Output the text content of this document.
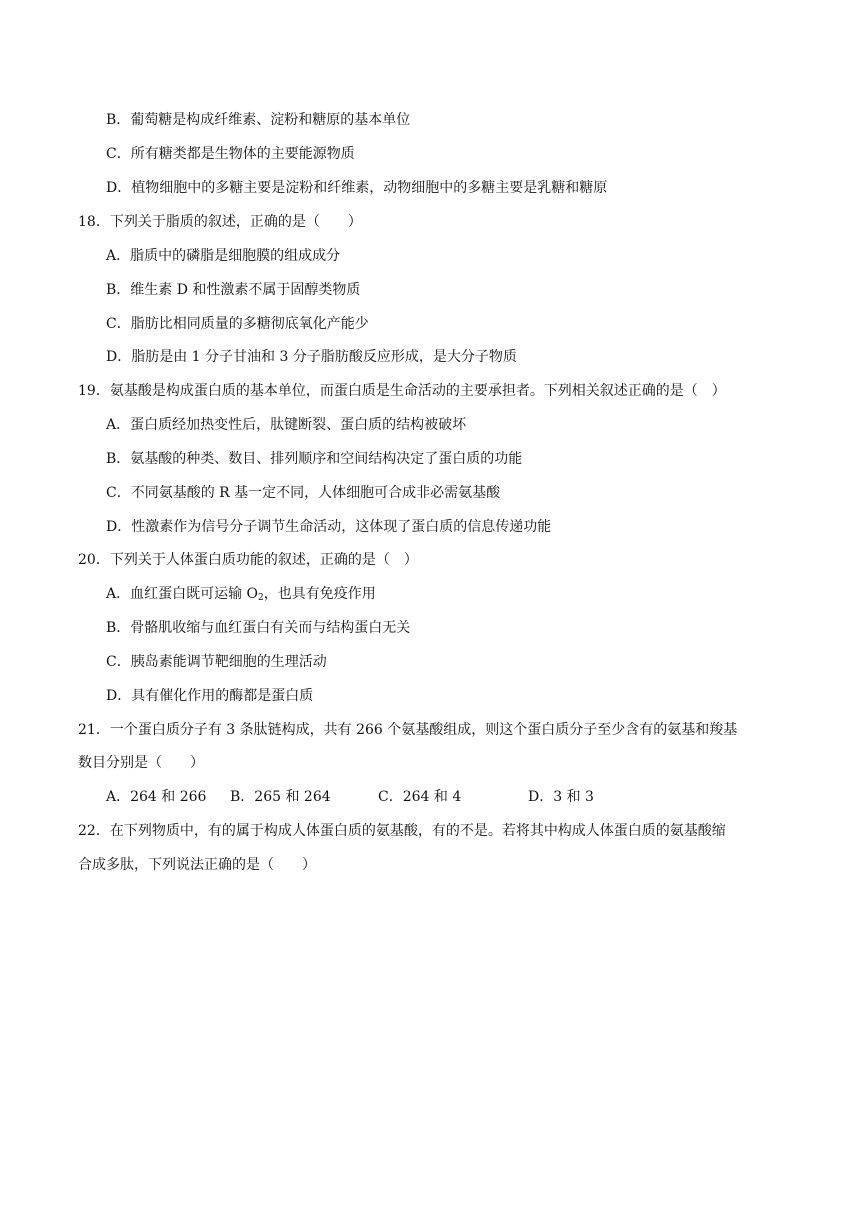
B．葡萄糖是构成纤维素、淀粉和糖原的基本单位
C．所有糖类都是生物体的主要能源物质
D．植物细胞中的多糖主要是淀粉和纤维素，动物细胞中的多糖主要是乳糖和糖原
18．下列关于脂质的叙述，正确的是（　　）
A．脂质中的磷脂是细胞膜的组成成分
B．维生素 D 和性激素不属于固醇类物质
C．脂肪比相同质量的多糖彻底氧化产能少
D．脂肪是由 1 分子甘油和 3 分子脂肪酸反应形成，是大分子物质
19．氨基酸是构成蛋白质的基本单位，而蛋白质是生命活动的主要承担者。下列相关叙述正确的是（　）
A．蛋白质经加热变性后，肽键断裂、蛋白质的结构被破坏
B．氨基酸的种类、数目、排列顺序和空间结构决定了蛋白质的功能
C．不同氨基酸的 R 基一定不同，人体细胞可合成非必需氨基酸
D．性激素作为信号分子调节生命活动，这体现了蛋白质的信息传递功能
20．下列关于人体蛋白质功能的叙述，正确的是（　）
A．血红蛋白既可运输 $O_2$，也具有免疫作用
B．骨骼肌收缩与血红蛋白有关而与结构蛋白无关
C．胰岛素能调节靶细胞的生理活动
D．具有催化作用的酶都是蛋白质
21．一个蛋白质分子有 3 条肽链构成，共有 266 个氨基酸组成，则这个蛋白质分子至少含有的氨基和羧基
数目分别是（　　）
A．264 和 266 B．265 和 264	C．264 和 4	D．3 和 3
22．在下列物质中，有的属于构成人体蛋白质的氨基酸，有的不是。若将其中构成人体蛋白质的氨基酸缩
合成多肽，下列说法正确的是（　　）
